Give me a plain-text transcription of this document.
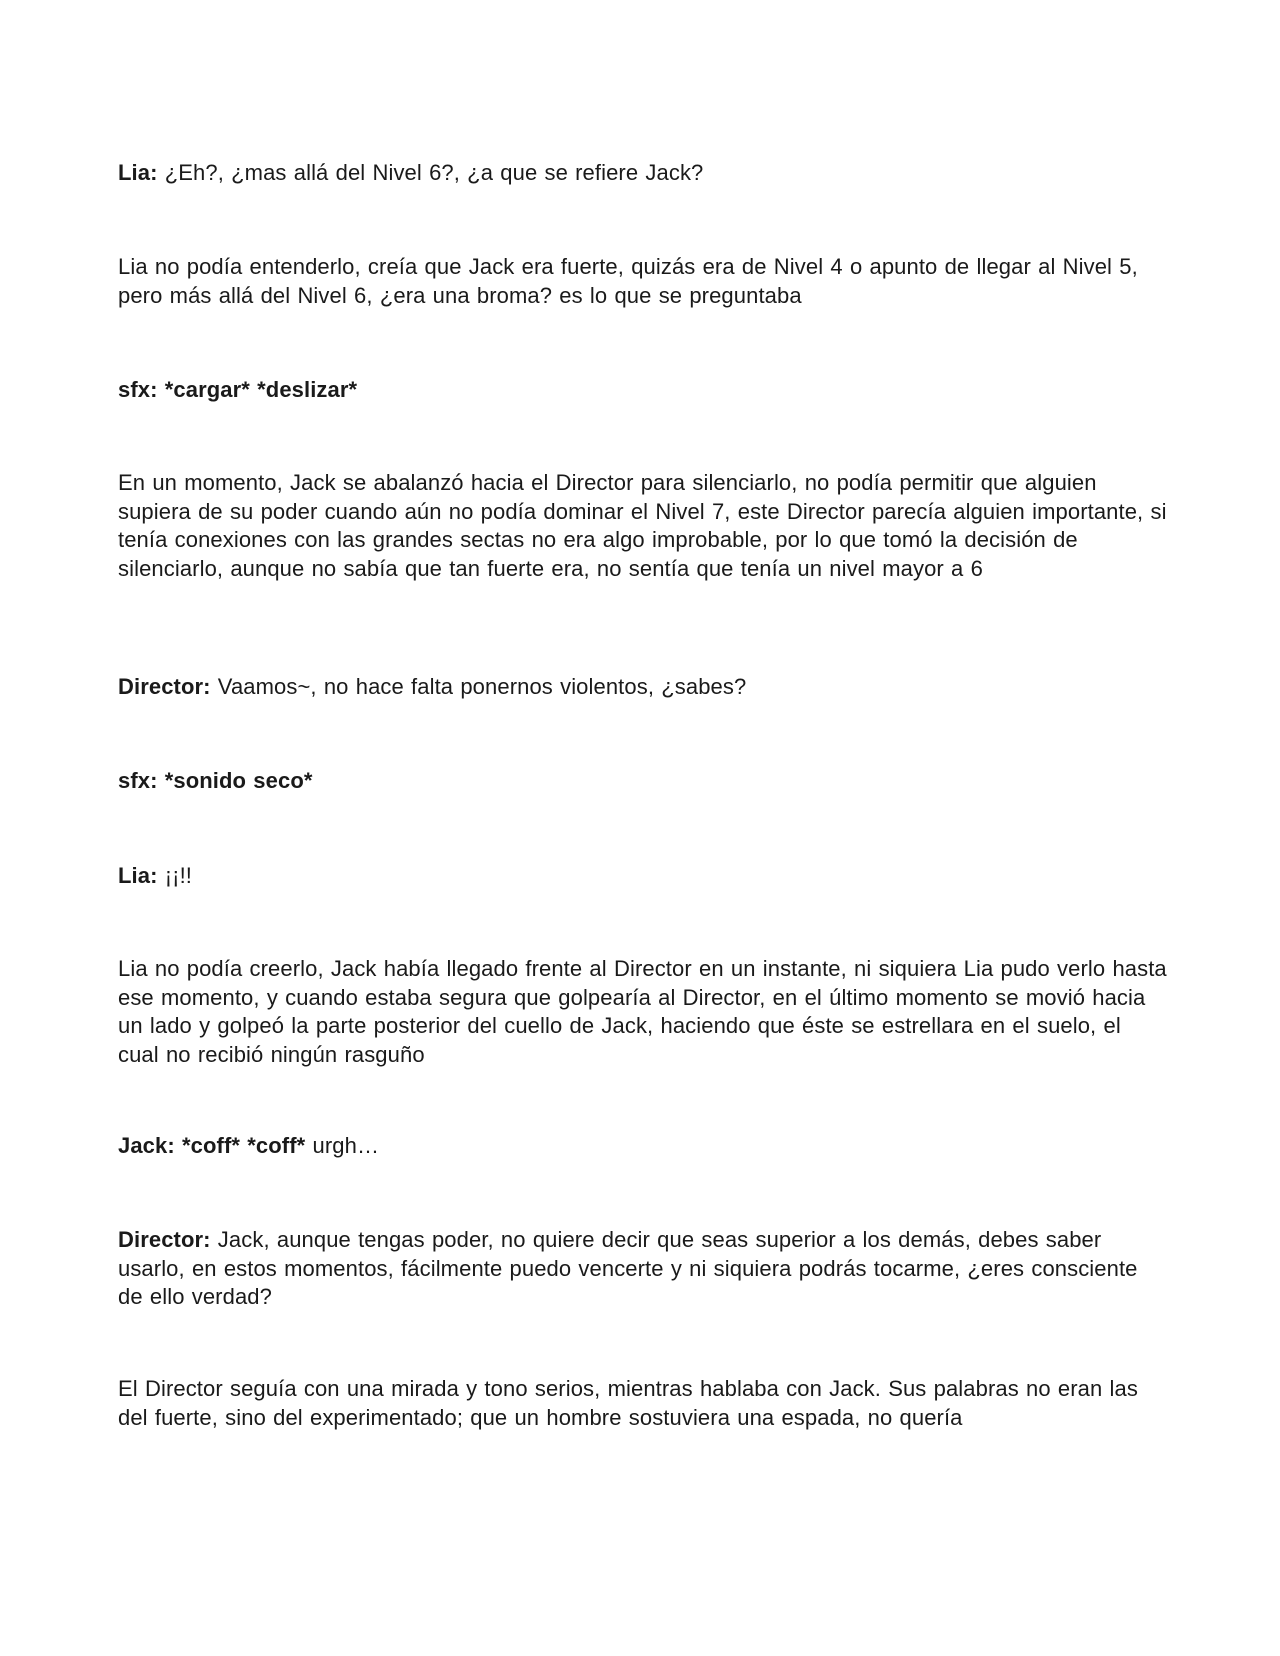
Lia: ¿Eh?, ¿mas allá del Nivel 6?, ¿a que se refiere Jack?

Lia no podía entenderlo, creía que Jack era fuerte, quizás era de Nivel 4 o apunto de llegar al Nivel 5, pero más allá del Nivel 6, ¿era una broma? es lo que se preguntaba

sfx: *cargar* *deslizar*

En un momento, Jack se abalanzó hacia el Director para silenciarlo, no podía permitir que alguien supiera de su poder cuando aún no podía dominar el Nivel 7, este Director parecía alguien importante, si tenía conexiones con las grandes sectas no era algo improbable, por lo que tomó la decisión de silenciarlo, aunque no sabía que tan fuerte era, no sentía que tenía un nivel mayor a 6

Director: Vaamos~, no hace falta ponernos violentos, ¿sabes?

sfx: *sonido seco*

Lia: ¡¡!!

Lia no podía creerlo, Jack había llegado frente al Director en un instante, ni siquiera Lia pudo verlo hasta ese momento, y cuando estaba segura que golpearía al Director, en el último momento se movió hacia un lado y golpeó la parte posterior del cuello de Jack, haciendo que éste se estrellara en el suelo, el cual no recibió ningún rasguño

Jack: *coff* *coff* urgh…

Director: Jack, aunque tengas poder, no quiere decir que seas superior a los demás, debes saber usarlo, en estos momentos, fácilmente puedo vencerte y ni siquiera podrás tocarme, ¿eres consciente de ello verdad?

El Director seguía con una mirada y tono serios, mientras hablaba con Jack. Sus palabras no eran las del fuerte, sino del experimentado; que un hombre sostuviera una espada, no quería
